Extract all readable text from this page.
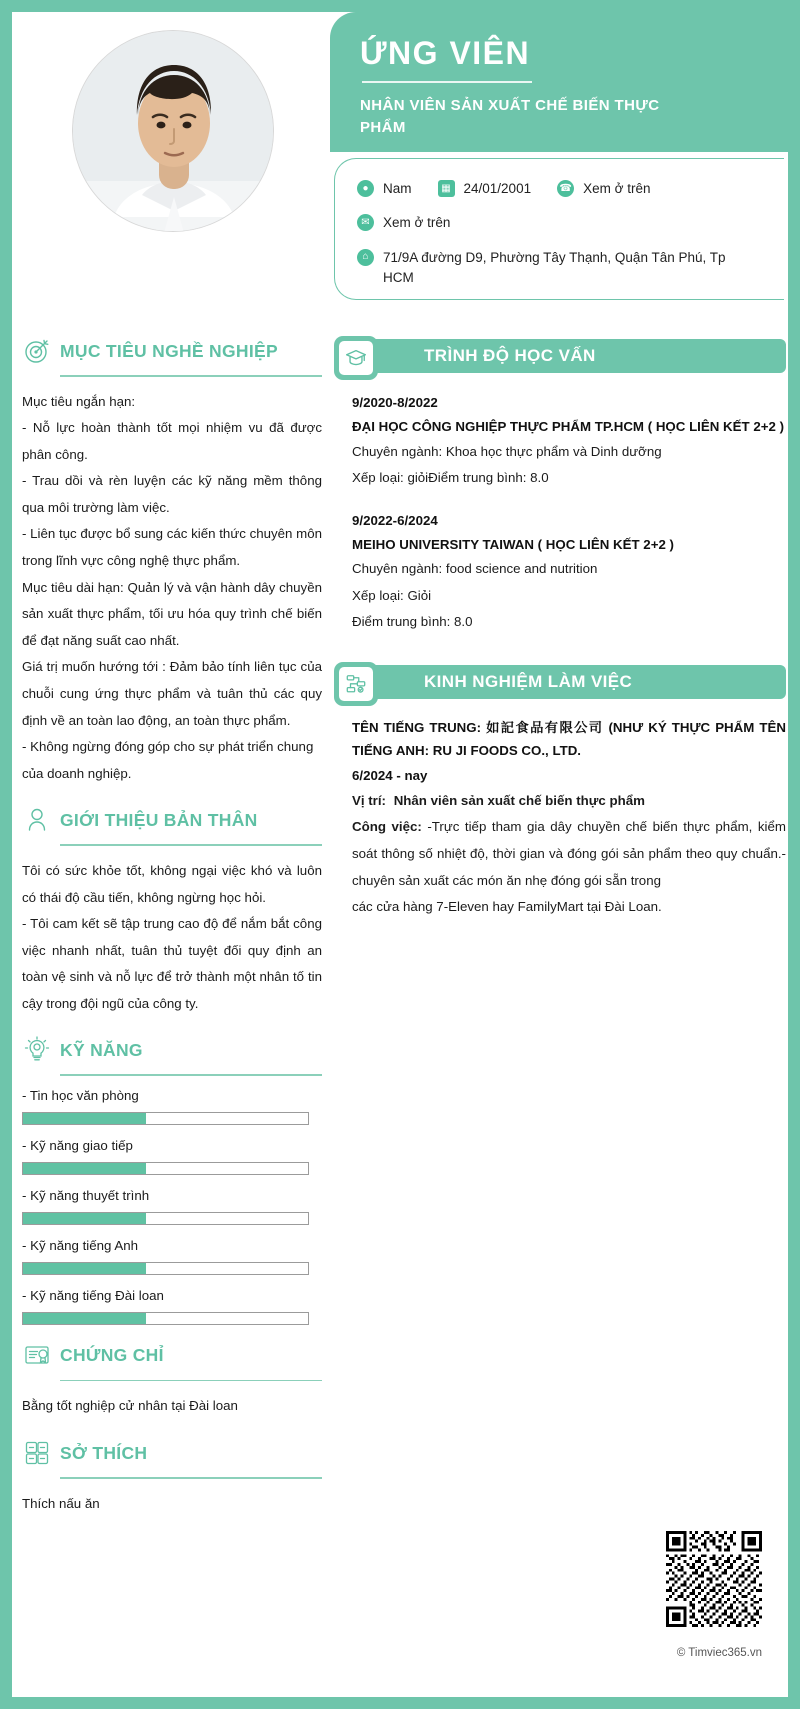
ỨNG VIÊN
NHÂN VIÊN SẢN XUẤT CHẾ BIẾN THỰC PHẨM
●	Nam	▦ 24/01/2001	☎ Xem ở trên
✉ Xem ở trên
⌂	71/9A đường D9, Phường Tây Thạnh, Quận Tân Phú, Tp HCM
MỤC TIÊU NGHỀ NGHIỆP
Mục tiêu ngắn hạn:
- Nỗ lực hoàn thành tốt mọi nhiệm vu đã được phân công.
- Trau dồi và rèn luyện các kỹ năng mềm thông qua môi trường làm việc.
- Liên tục được bổ sung các kiến thức chuyên môn trong lĩnh vực công nghệ thực phẩm.
Mục tiêu dài hạn: Quản lý và vận hành dây chuyền sản xuất thực phẩm, tối ưu hóa quy trình chế biến để đạt năng suất cao nhất.
Giá trị muốn hướng tới : Đảm bảo tính liên tục của chuỗi cung ứng thực phẩm và tuân thủ các quy định về an toàn lao động, an toàn thực phẩm.
- Không ngừng đóng góp cho sự phát triển chung của doanh nghiệp.
GIỚI THIỆU BẢN THÂN
Tôi có sức khỏe tốt, không ngại việc khó và luôn có thái độ cầu tiến, không ngừng học hỏi.
- Tôi cam kết sẽ tập trung cao độ để nắm bắt công việc nhanh nhất, tuân thủ tuyệt đối quy định an toàn vệ sinh và nỗ lực để trở thành một nhân tố tin cậy trong đội ngũ của công ty.
KỸ NĂNG
- Tin học văn phòng
- Kỹ năng giao tiếp
- Kỹ năng thuyết trình
- Kỹ năng tiếng Anh
- Kỹ năng tiếng Đài loan
CHỨNG CHỈ
Bằng tốt nghiệp cử nhân tại Đài loan
SỞ THÍCH
Thích nấu ăn
TRÌNH ĐỘ HỌC VẤN
9/2020-8/2022
ĐẠI HỌC CÔNG NGHIỆP THỰC PHẨM TP.HCM ( HỌC LIÊN KẾT 2+2 )
Chuyên ngành: Khoa học thực phẩm và Dinh dưỡng
Xếp loại: giỏiĐiểm trung bình: 8.0
9/2022-6/2024
MEIHO UNIVERSITY TAIWAN ( HỌC LIÊN KẾT 2+2 )
Chuyên ngành: food science and nutrition
Xếp loại: Giỏi
Điểm trung bình: 8.0
KINH NGHIỆM LÀM VIỆC
TÊN TIẾNG TRUNG: 如記食品有限公司 (NHƯ KÝ THỰC PHẨM TÊN TIẾNG ANH: RU JI FOODS CO., LTD.
6/2024 - nay
Vị trí: Nhân viên sản xuất chế biến thực phẩm
Công việc: -Trực tiếp tham gia dây chuyền chế biến thực phẩm, kiểm soát thông số nhiệt độ, thời gian và đóng gói sản phẩm theo quy chuẩn.- chuyên sản xuất các món ăn nhẹ đóng gói sẵn trong
các cửa hàng 7-Eleven hay FamilyMart tại Đài Loan.
© Timviec365.vn
